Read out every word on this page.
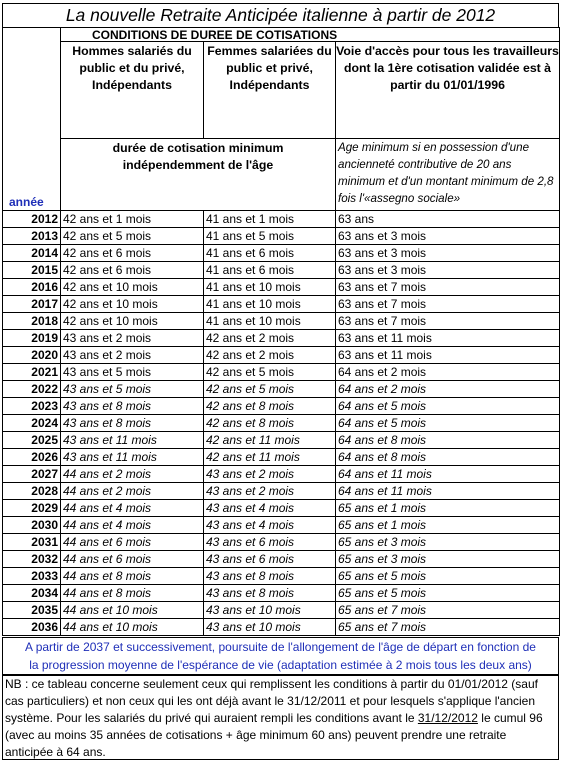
La nouvelle Retraite Anticipée italienne à partir de 2012
année	CONDITIONS DE DUREE DE COTISATIONS		
	Hommes salariés du public et du privé, Indépendants	Femmes salariées du public et privé, Indépendants	Voie d'accès pour tous les travailleurs dont la 1ère cotisation validée est à partir du 01/01/1996
	durée de cotisation minimum indépendemment de l'âge		Age minimum si en possession d'une ancienneté contributive de 20 ans minimum et d'un montant minimum de 2,8 fois l'«assegno sociale»
2012	42 ans et 1 mois	41 ans et 1 mois	63 ans
2013	42 ans et 5 mois	41 ans et 5 mois	63 ans et 3 mois
2014	42 ans et 6 mois	41 ans et 6 mois	63 ans et 3 mois
2015	42 ans et 6 mois	41 ans et 6 mois	63 ans et 3 mois
2016	42 ans et 10 mois	41 ans et 10 mois	63 ans et 7 mois
2017	42 ans et 10 mois	41 ans et 10 mois	63 ans et 7 mois
2018	42 ans et 10 mois	41 ans et 10 mois	63 ans et 7 mois
2019	43 ans et 2 mois	42 ans et 2 mois	63 ans et 11 mois
2020	43 ans et 2 mois	42 ans et 2 mois	63 ans et 11 mois
2021	43 ans et 5 mois	42 ans et 5 mois	64 ans et 2 mois
2022	43 ans et 5 mois	42 ans et 5 mois	64 ans et 2 mois
2023	43 ans et 8 mois	42 ans et 8 mois	64 ans et 5 mois
2024	43 ans et 8 mois	42 ans et 8 mois	64 ans et 5 mois
2025	43 ans et 11 mois	42 ans et 11 mois	64 ans et 8 mois
2026	43 ans et 11 mois	42 ans et 11 mois	64 ans et 8 mois
2027	44 ans et 2 mois	43 ans et 2 mois	64 ans et 11 mois
2028	44 ans et 2 mois	43 ans et 2 mois	64 ans et 11 mois
2029	44 ans et 4 mois	43 ans et 4 mois	65 ans et 1 mois
2030	44 ans et 4 mois	43 ans et 4 mois	65 ans et 1 mois
2031	44 ans et 6 mois	43 ans et 6 mois	65 ans et 3 mois
2032	44 ans et 6 mois	43 ans et 6 mois	65 ans et 3 mois
2033	44 ans et 8 mois	43 ans et 8 mois	65 ans et 5 mois
2034	44 ans et 8 mois	43 ans et 8 mois	65 ans et 5 mois
2035	44 ans et 10 mois	43 ans et 10 mois	65 ans et 7 mois
2036	44 ans et 10 mois	43 ans et 10 mois	65 ans et 7 mois
A partir de 2037 et successivement, poursuite de l'allongement de l'âge de départ en fonction de
la progression moyenne de l'espérance de vie (adaptation estimée à 2 mois tous les deux ans)
NB : ce tableau concerne seulement ceux qui remplissent les conditions à partir du 01/01/2012 (sauf cas particuliers) et non ceux qui les ont déjà avant le 31/12/2011 et pour lesquels s'applique l'ancien système. Pour les salariés du privé qui auraient rempli les conditions avant le 31/12/2012 le cumul 96 (avec au moins 35 années de cotisations + âge minimum 60 ans) peuvent prendre une retraite anticipée à 64 ans.
